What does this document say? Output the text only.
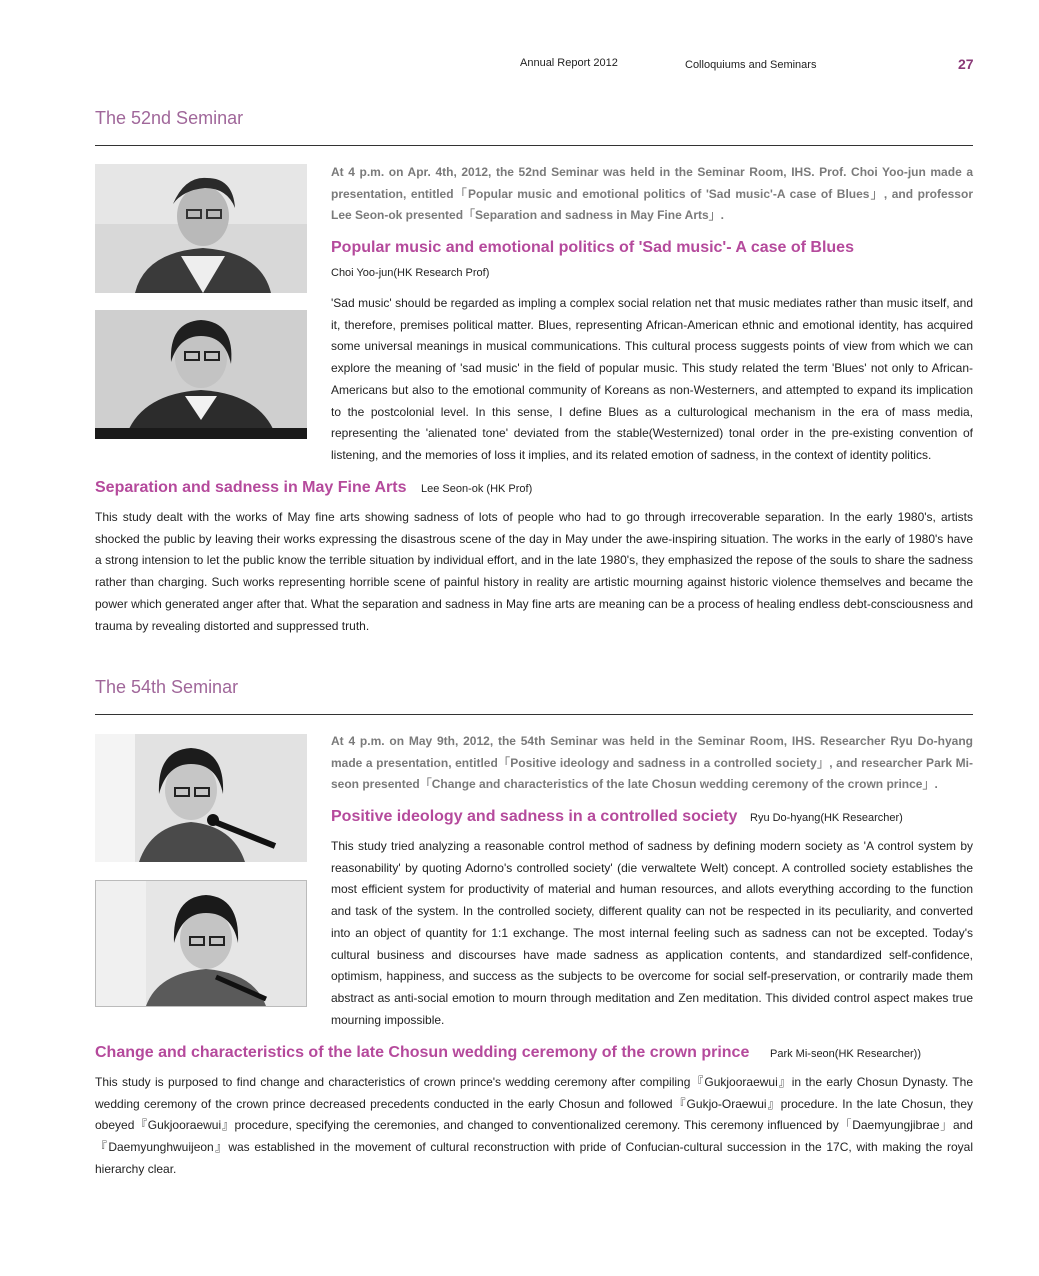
Annual Report 2012	Colloquiums and Seminars	27
The 52nd Seminar
At 4 p.m. on Apr. 4th, 2012, the 52nd Seminar was held in the Seminar Room, IHS. Prof. Choi Yoo-jun made a presentation, entitled「Popular music and emotional politics of 'Sad music'-A case of Blues」, and professor Lee Seon-ok presented「Separation and sadness in May Fine Arts」.
Popular music and emotional politics of 'Sad music'- A case of Blues
Choi Yoo-jun(HK Research Prof)
'Sad music' should be regarded as impling a complex social relation net that music mediates rather than music itself, and it, therefore, premises political matter. Blues, representing African-American ethnic and emotional identity, has acquired some universal meanings in musical communications. This cultural process suggests points of view from which we can explore the meaning of 'sad music' in the field of popular music. This study related the term 'Blues' not only to African-Americans but also to the emotional community of Koreans as non-Westerners, and attempted to expand its implication to the postcolonial level. In this sense, I define Blues as a culturological mechanism in the era of mass media, representing the 'alienated tone' deviated from the stable(Westernized) tonal order in the pre-existing convention of listening, and the memories of loss it implies, and its related emotion of sadness, in the context of identity politics.
Separation and sadness in May Fine Arts Lee Seon-ok (HK Prof)
This study dealt with the works of May fine arts showing sadness of lots of people who had to go through irrecoverable separation. In the early 1980's, artists shocked the public by leaving their works expressing the disastrous scene of the day in May under the awe-inspiring situation. The works in the early of 1980's have a strong intension to let the public know the terrible situation by individual effort, and in the late 1980's, they emphasized the repose of the souls to share the sadness rather than charging. Such works representing horrible scene of painful history in reality are artistic mourning against historic violence themselves and became the power which generated anger after that. What the separation and sadness in May fine arts are meaning can be a process of healing endless debt-consciousness and trauma by revealing distorted and suppressed truth.
The 54th Seminar
At 4 p.m. on May 9th, 2012, the 54th Seminar was held in the Seminar Room, IHS. Researcher Ryu Do-hyang made a presentation, entitled「Positive ideology and sadness in a controlled society」, and researcher Park Mi-seon presented「Change and characteristics of the late Chosun wedding ceremony of the crown prince」.
Positive ideology and sadness in a controlled society Ryu Do-hyang(HK Researcher)
This study tried analyzing a reasonable control method of sadness by defining modern society as 'A control system by reasonability' by quoting Adorno's controlled society' (die verwaltete Welt) concept. A controlled society establishes the most efficient system for productivity of material and human resources, and allots everything according to the function and task of the system. In the controlled society, different quality can not be respected in its peculiarity, and converted into an object of quantity for 1:1 exchange. The most internal feeling such as sadness can not be excepted. Today's cultural business and discourses have made sadness as application contents, and standardized self-confidence, optimism, happiness, and success as the subjects to be overcome for social self-preservation, or contrarily made them abstract as anti-social emotion to mourn through meditation and Zen meditation. This divided control aspect makes true mourning impossible.
Change and characteristics of the late Chosun wedding ceremony of the crown prince Park Mi-seon(HK Researcher))
This study is purposed to find change and characteristics of crown prince's wedding ceremony after compiling『Gukjooraewui』in the early Chosun Dynasty. The wedding ceremony of the crown prince decreased precedents conducted in the early Chosun and followed『Gukjo-Oraewui』procedure. In the late Chosun, they obeyed『Gukjooraewui』procedure, specifying the ceremonies, and changed to conventionalized ceremony. This ceremony influenced by「Daemyungjibrae」and『Daemyunghwuijeon』was established in the movement of cultural reconstruction with pride of Confucian-cultural succession in the 17C, with making the royal hierarchy clear.
